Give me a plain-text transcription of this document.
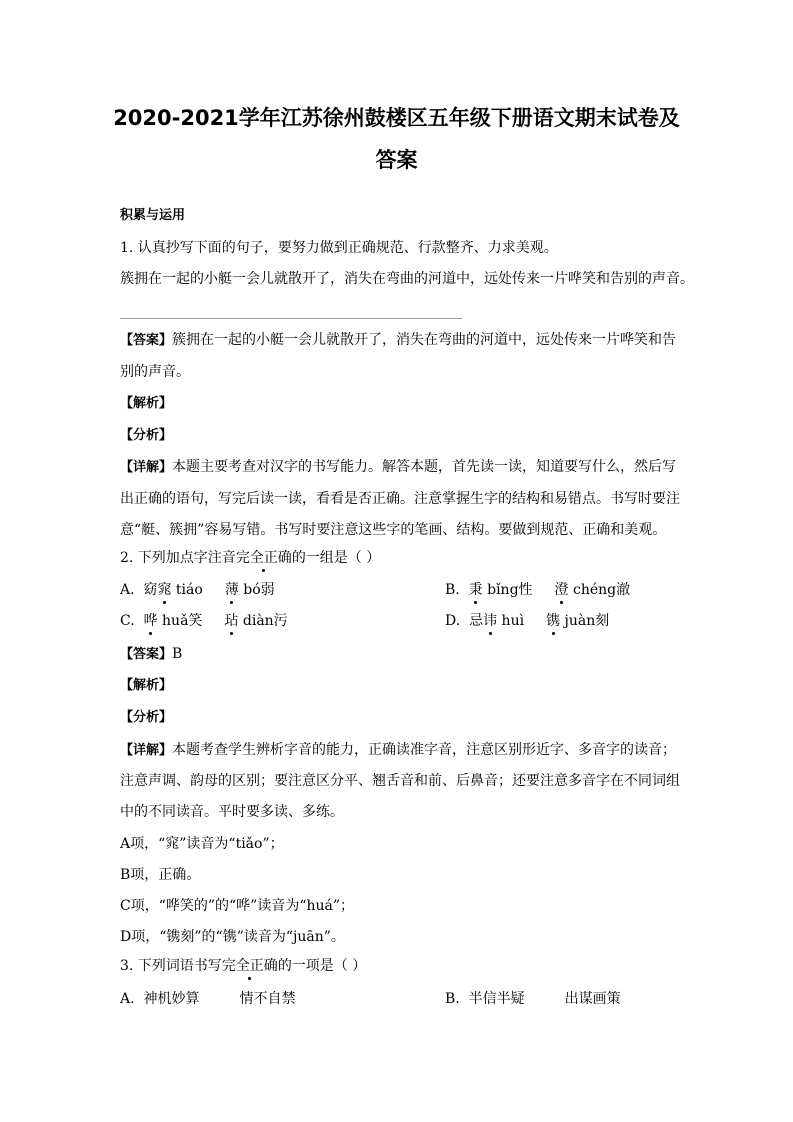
2020-2021学年江苏徐州鼓楼区五年级下册语文期末试卷及
答案
积累与运用
1. 认真抄写下面的句子，要努力做到正确规范、行款整齐、力求美观。
簇拥在一起的小艇一会儿就散开了，消失在弯曲的河道中，远处传来一片哗笑和告别的声音。
【答案】簇拥在一起的小艇一会儿就散开了，消失在弯曲的河道中，远处传来一片哗笑和告
别的声音。
【解析】
【分析】
【详解】本题主要考查对汉字的书写能力。解答本题，首先读一读，知道要写什么，然后写
出正确的语句，写完后读一读，看看是否正确。注意掌握生字的结构和易错点。书写时要注
意“艇、簇拥”容易写错。书写时要注意这些字的笔画、结构。要做到规范、正确和美观。
2. 下列加点字注音完全正确的一组是（ ）
A. 窈窕 tiáo 薄 bó弱	B. 秉 bǐng性 澄 chéng澈
C. 哗 huǎ笑 玷 diàn污	D. 忌讳 huì 镌 juàn刻
【答案】B
【解析】
【分析】
【详解】本题考查学生辨析字音的能力，正确读准字音，注意区别形近字、多音字的读音；
注意声调、韵母的区别；要注意区分平、翘舌音和前、后鼻音；还要注意多音字在不同词组
中的不同读音。平时要多读、多练。
A项，“窕”读音为“tiǎo”；
B项，正确。
C项，“哗笑的”的“哗”读音为“huá”；
D项，“镌刻”的“镌”读音为“juān”。
3. 下列词语书写完全正确的一项是（ ）
A. 神机妙算	情不自禁	B. 半信半疑	出谋画策
